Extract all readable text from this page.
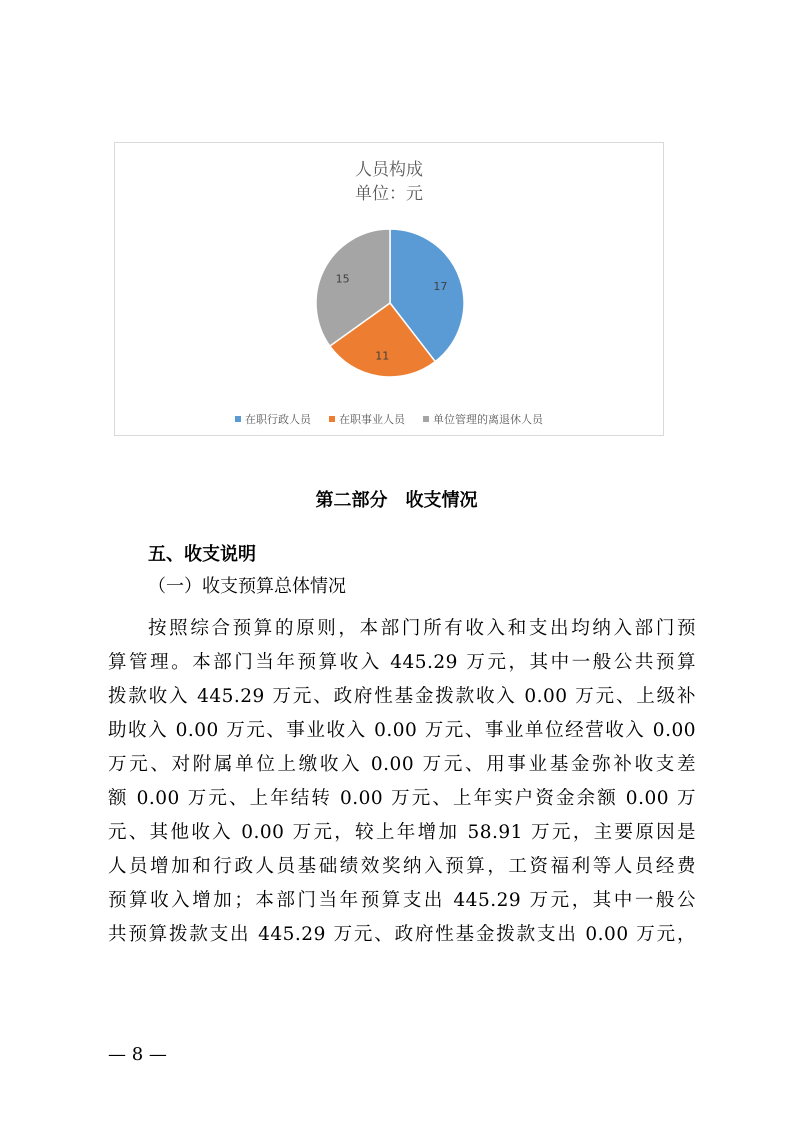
人员构成
单位：元
17
11
15
在职行政人员	在职事业人员	单位管理的离退休人员
第二部分　收支情况
五、收支说明
（一）收支预算总体情况
按照综合预算的原则，本部门所有收入和支出均纳入部门预
算管理。本部门当年预算收入 445.29 万元，其中一般公共预算
拨款收入 445.29 万元、政府性基金拨款收入 0.00 万元、上级补
助收入 0.00 万元、事业收入 0.00 万元、事业单位经营收入 0.00
万元、对附属单位上缴收入 0.00 万元、用事业基金弥补收支差
额 0.00 万元、上年结转 0.00 万元、上年实户资金余额 0.00 万
元、其他收入 0.00 万元，较上年增加 58.91 万元，主要原因是
人员增加和行政人员基础绩效奖纳入预算，工资福利等人员经费
预算收入增加；本部门当年预算支出 445.29 万元，其中一般公
共预算拨款支出 445.29 万元、政府性基金拨款支出 0.00 万元，
— 8 —
